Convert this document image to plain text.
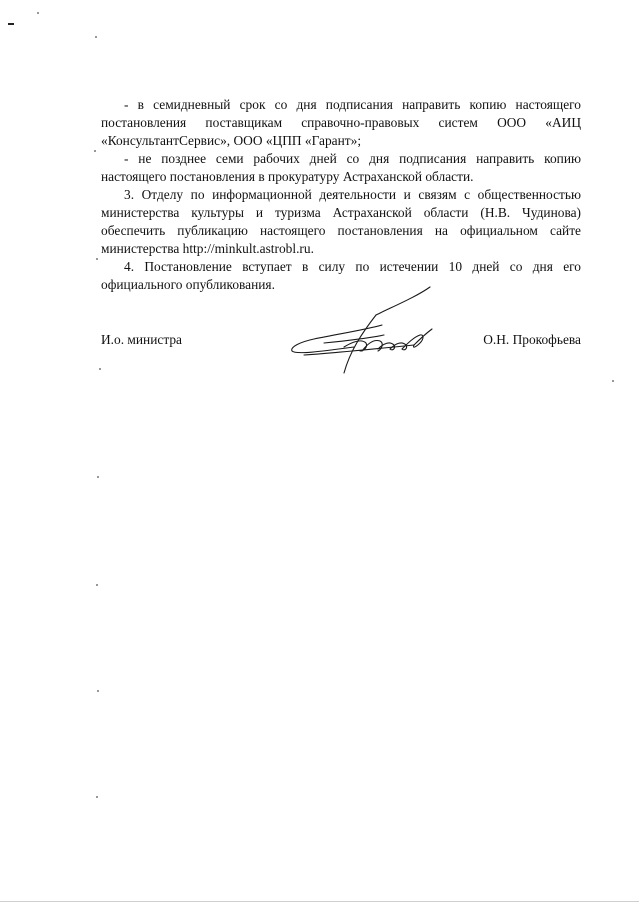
- в семидневный срок со дня подписания направить копию настоящего постановления поставщикам справочно-правовых систем ООО «АИЦ «КонсультантСервис», ООО «ЦПП «Гарант»;

- не позднее семи рабочих дней со дня подписания направить копию настоящего постановления в прокуратуру Астраханской области.

3. Отделу по информационной деятельности и связям с общественностью министерства культуры и туризма Астраханской области (Н.В. Чудинова) обеспечить публикацию настоящего постановления на официальном сайте министерства http://minkult.astrobl.ru.

4. Постановление вступает в силу по истечении 10 дней со дня его официального опубликования.

И.о. министра	О.Н. Прокофьева
